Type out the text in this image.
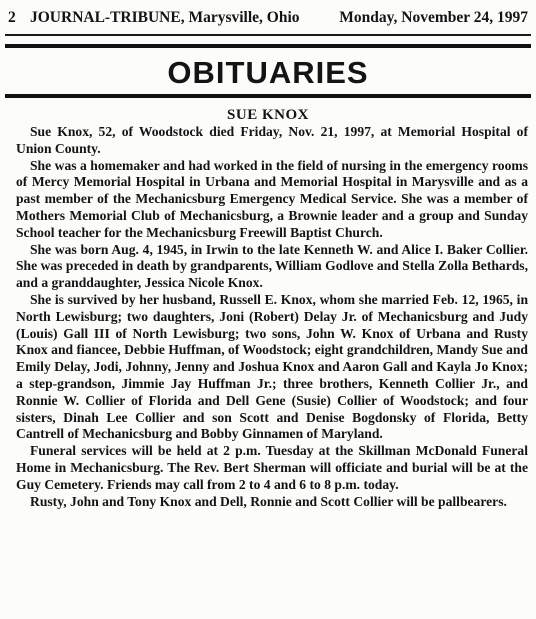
2 JOURNAL-TRIBUNE, Marysville, Ohio	Monday, November 24, 1997
OBITUARIES
SUE KNOX

Sue Knox, 52, of Woodstock died Friday, Nov. 21, 1997, at Memorial Hospital of Union County.

She was a homemaker and had worked in the field of nursing in the emergency rooms of Mercy Memorial Hospital in Urbana and Memorial Hospital in Marysville and as a past member of the Mechanicsburg Emergency Medical Service. She was a member of Mothers Memorial Club of Mechanicsburg, a Brownie leader and a group and Sunday School teacher for the Mechanicsburg Freewill Baptist Church.

She was born Aug. 4, 1945, in Irwin to the late Kenneth W. and Alice I. Baker Collier. She was preceded in death by grandparents, William Godlove and Stella Zolla Bethards, and a granddaughter, Jessica Nicole Knox.

She is survived by her husband, Russell E. Knox, whom she married Feb. 12, 1965, in North Lewisburg; two daughters, Joni (Robert) Delay Jr. of Mechanicsburg and Judy (Louis) Gall III of North Lewisburg; two sons, John W. Knox of Urbana and Rusty Knox and fiancee, Debbie Huffman, of Woodstock; eight grandchildren, Mandy Sue and Emily Delay, Jodi, Johnny, Jenny and Joshua Knox and Aaron Gall and Kayla Jo Knox; a step-grandson, Jimmie Jay Huffman Jr.; three brothers, Kenneth Collier Jr., and Ronnie W. Collier of Florida and Dell Gene (Susie) Collier of Woodstock; and four sisters, Dinah Lee Collier and son Scott and Denise Bogdonsky of Florida, Betty Cantrell of Mechanicsburg and Bobby Ginnamen of Maryland.

Funeral services will be held at 2 p.m. Tuesday at the Skillman McDonald Funeral Home in Mechanicsburg. The Rev. Bert Sherman will officiate and burial will be at the Guy Cemetery. Friends may call from 2 to 4 and 6 to 8 p.m. today.

Rusty, John and Tony Knox and Dell, Ronnie and Scott Collier will be pallbearers.
